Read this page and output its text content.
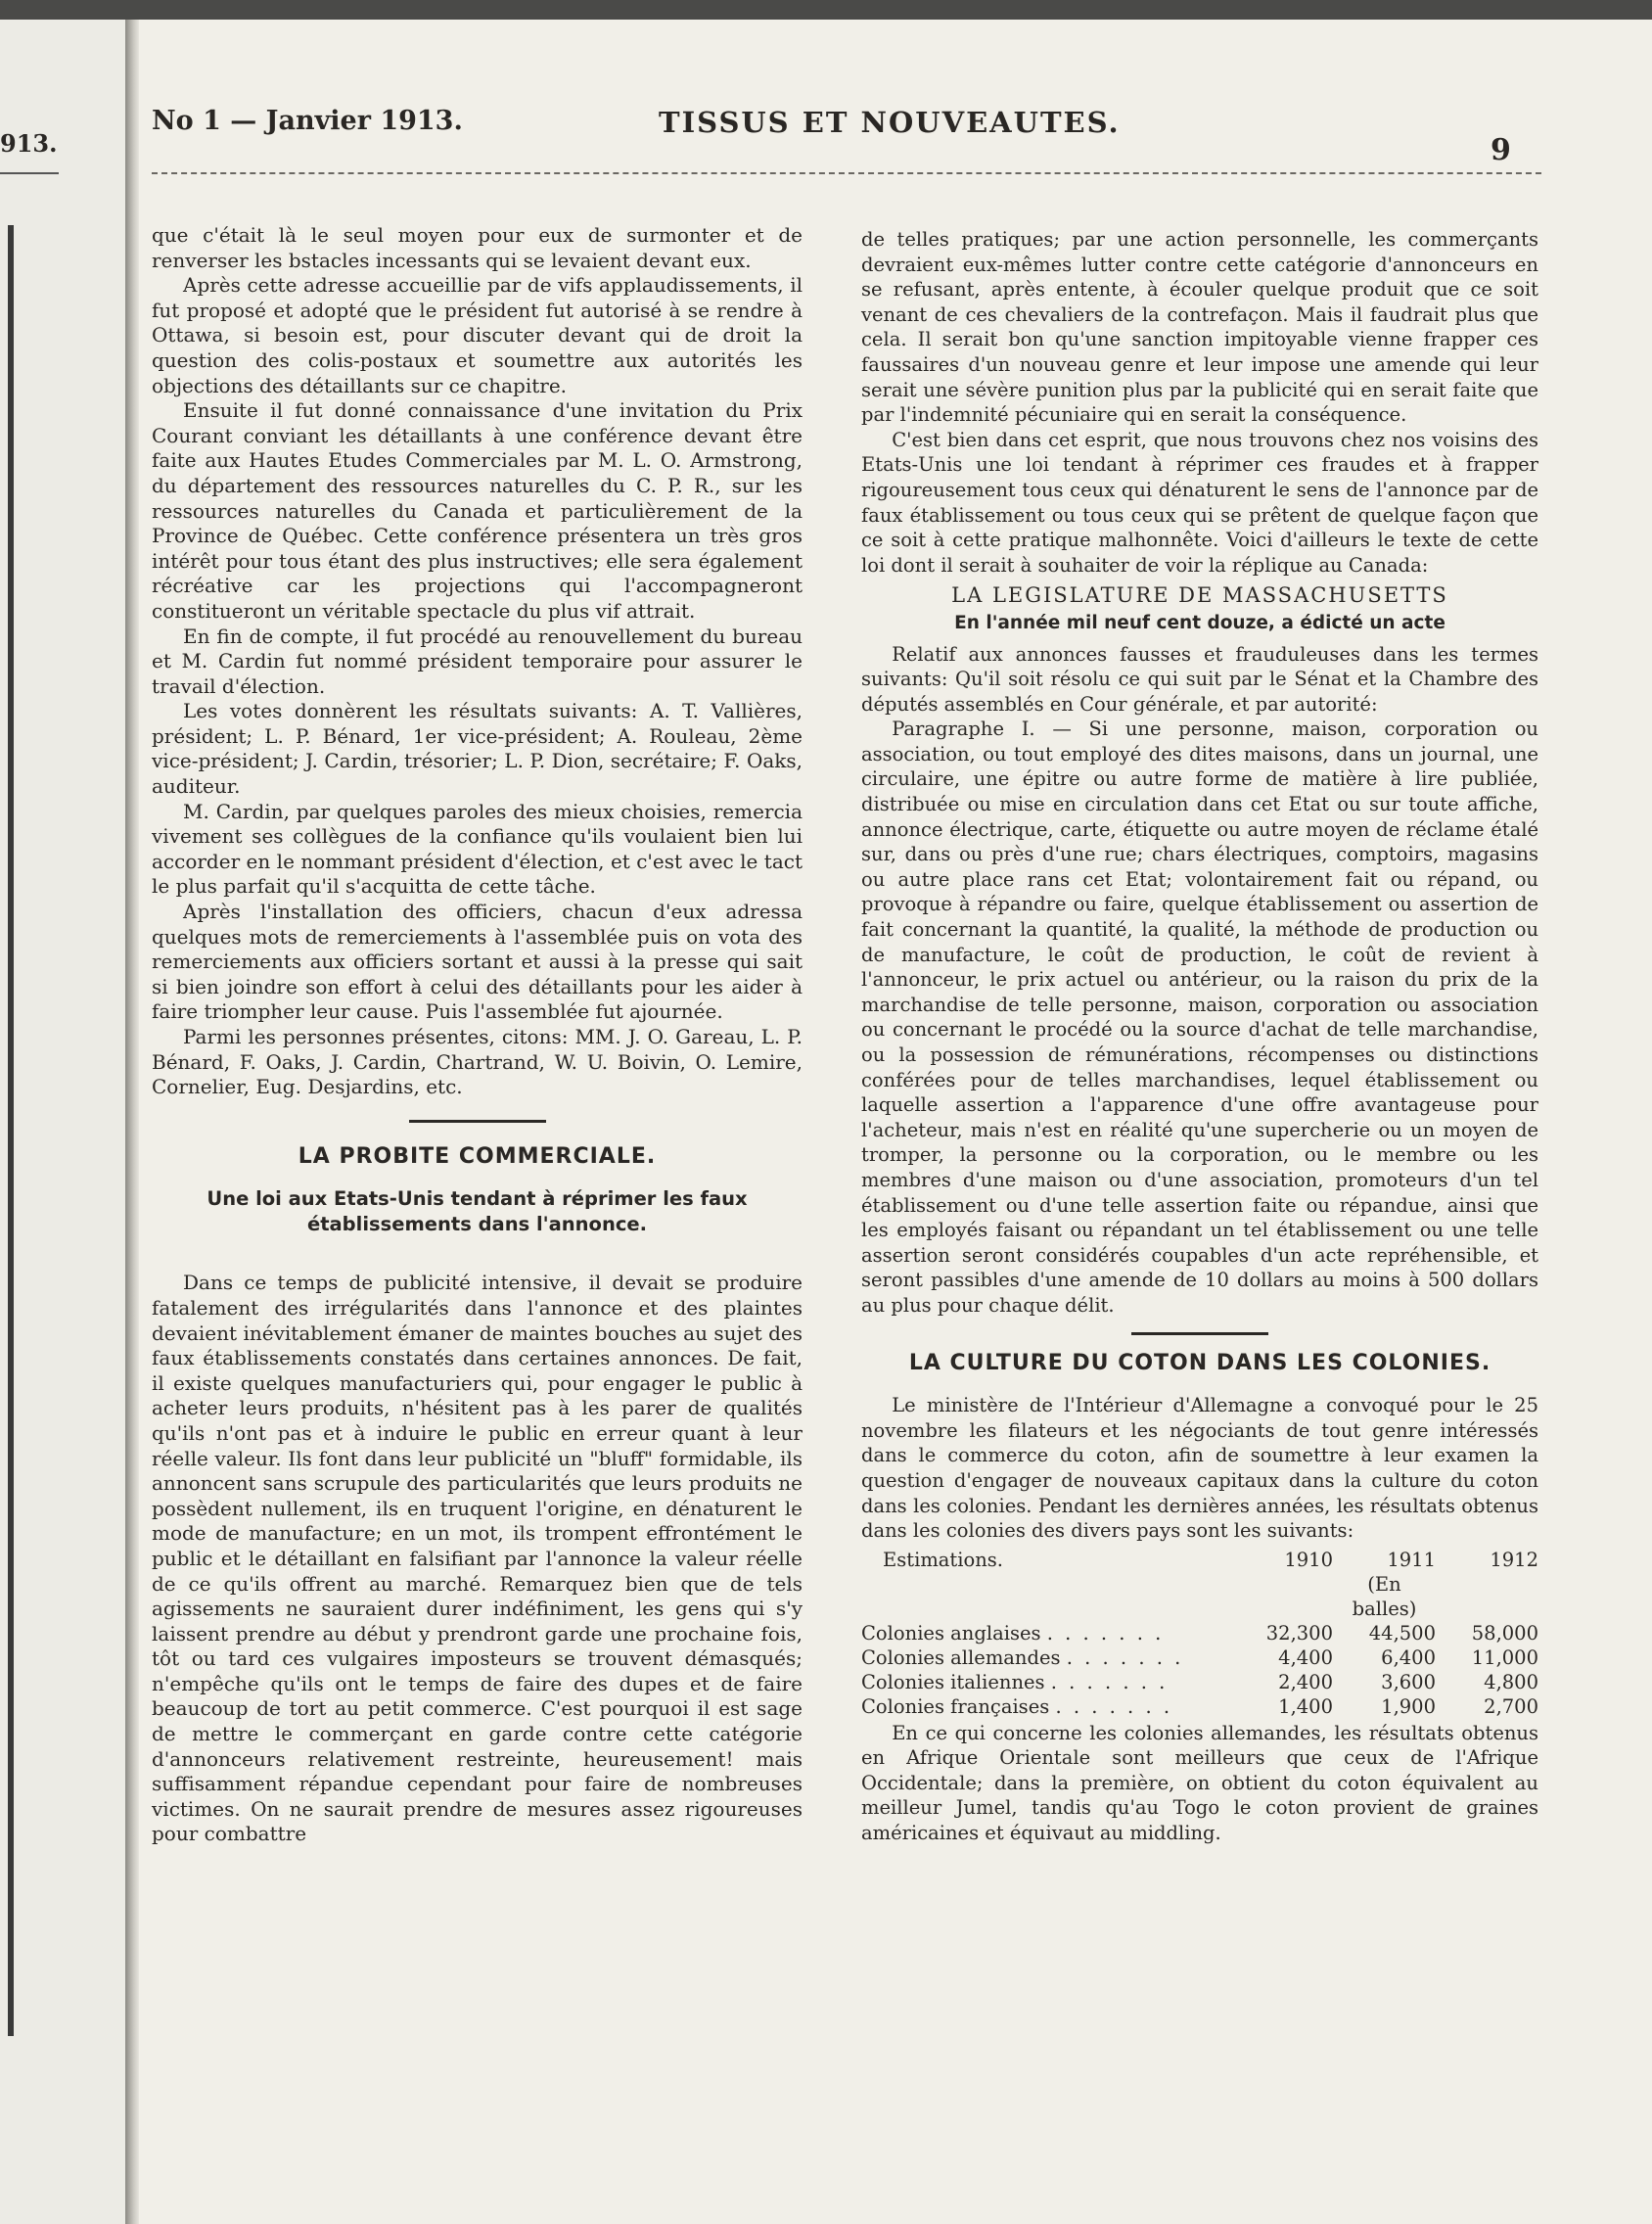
913.
No 1 — Janvier 1913.	TISSUS ET NOUVEAUTES.
9

que c'était là le seul moyen pour eux de surmonter et de renverser les bstacles incessants qui se levaient devant eux.

Après cette adresse accueillie par de vifs applaudissements, il fut proposé et adopté que le président fut autorisé à se rendre à Ottawa, si besoin est, pour discuter devant qui de droit la question des colis-postaux et soumettre aux autorités les objections des détaillants sur ce chapitre.

Ensuite il fut donné connaissance d'une invitation du Prix Courant conviant les détaillants à une conférence devant être faite aux Hautes Etudes Commerciales par M. L. O. Armstrong, du département des ressources naturelles du C. P. R., sur les ressources naturelles du Canada et particulièrement de la Province de Québec. Cette conférence présentera un très gros intérêt pour tous étant des plus instructives; elle sera également récréative car les projections qui l'accompagneront constitueront un véritable spectacle du plus vif attrait.

En fin de compte, il fut procédé au renouvellement du bureau et M. Cardin fut nommé président temporaire pour assurer le travail d'élection.

Les votes donnèrent les résultats suivants: A. T. Vallières, président; L. P. Bénard, 1er vice-président; A. Rouleau, 2ème vice-président; J. Cardin, trésorier; L. P. Dion, secrétaire; F. Oaks, auditeur.

M. Cardin, par quelques paroles des mieux choisies, remercia vivement ses collègues de la confiance qu'ils voulaient bien lui accorder en le nommant président d'élection, et c'est avec le tact le plus parfait qu'il s'acquitta de cette tâche.

Après l'installation des officiers, chacun d'eux adressa quelques mots de remerciements à l'assemblée puis on vota des remerciements aux officiers sortant et aussi à la presse qui sait si bien joindre son effort à celui des détaillants pour les aider à faire triompher leur cause. Puis l'assemblée fut ajournée.

Parmi les personnes présentes, citons: MM. J. O. Gareau, L. P. Bénard, F. Oaks, J. Cardin, Chartrand, W. U. Boivin, O. Lemire, Cornelier, Eug. Desjardins, etc.

LA PROBITE COMMERCIALE.
Une loi aux Etats-Unis tendant à réprimer les faux établissements dans l'annonce.

Dans ce temps de publicité intensive, il devait se produire fatalement des irrégularités dans l'annonce et des plaintes devaient inévitablement émaner de maintes bouches au sujet des faux établissements constatés dans certaines annonces. De fait, il existe quelques manufacturiers qui, pour engager le public à acheter leurs produits, n'hésitent pas à les parer de qualités qu'ils n'ont pas et à induire le public en erreur quant à leur réelle valeur. Ils font dans leur publicité un "bluff" formidable, ils annoncent sans scrupule des particularités que leurs produits ne possèdent nullement, ils en truquent l'origine, en dénaturent le mode de manufacture; en un mot, ils trompent effrontément le public et le détaillant en falsifiant par l'annonce la valeur réelle de ce qu'ils offrent au marché. Remarquez bien que de tels agissements ne sauraient durer indéfiniment, les gens qui s'y laissent prendre au début y prendront garde une prochaine fois, tôt ou tard ces vulgaires imposteurs se trouvent démasqués; n'empêche qu'ils ont le temps de faire des dupes et de faire beaucoup de tort au petit commerce. C'est pourquoi il est sage de mettre le commerçant en garde contre cette catégorie d'annonceurs relativement restreinte, heureusement! mais suffisamment répandue cependant pour faire de nombreuses victimes. On ne saurait prendre de mesures assez rigoureuses pour combattre

de telles pratiques; par une action personnelle, les commerçants devraient eux-mêmes lutter contre cette catégorie d'annonceurs en se refusant, après entente, à écouler quelque produit que ce soit venant de ces chevaliers de la contrefaçon. Mais il faudrait plus que cela. Il serait bon qu'une sanction impitoyable vienne frapper ces faussaires d'un nouveau genre et leur impose une amende qui leur serait une sévère punition plus par la publicité qui en serait faite que par l'indemnité pécuniaire qui en serait la conséquence.

C'est bien dans cet esprit, que nous trouvons chez nos voisins des Etats-Unis une loi tendant à réprimer ces fraudes et à frapper rigoureusement tous ceux qui dénaturent le sens de l'annonce par de faux établissement ou tous ceux qui se prêtent de quelque façon que ce soit à cette pratique malhonnête. Voici d'ailleurs le texte de cette loi dont il serait à souhaiter de voir la réplique au Canada:

LA LEGISLATURE DE MASSACHUSETTS
En l'année mil neuf cent douze, a édicté un acte

Relatif aux annonces fausses et frauduleuses dans les termes suivants: Qu'il soit résolu ce qui suit par le Sénat et la Chambre des députés assemblés en Cour générale, et par autorité:

Paragraphe I. — Si une personne, maison, corporation ou association, ou tout employé des dites maisons, dans un journal, une circulaire, une épitre ou autre forme de matière à lire publiée, distribuée ou mise en circulation dans cet Etat ou sur toute affiche, annonce électrique, carte, étiquette ou autre moyen de réclame étalé sur, dans ou près d'une rue; chars électriques, comptoirs, magasins ou autre place rans cet Etat; volontairement fait ou répand, ou provoque à répandre ou faire, quelque établissement ou assertion de fait concernant la quantité, la qualité, la méthode de production ou de manufacture, le coût de production, le coût de revient à l'annonceur, le prix actuel ou antérieur, ou la raison du prix de la marchandise de telle personne, maison, corporation ou association ou concernant le procédé ou la source d'achat de telle marchandise, ou la possession de rémunérations, récompenses ou distinctions conférées pour de telles marchandises, lequel établissement ou laquelle assertion a l'apparence d'une offre avantageuse pour l'acheteur, mais n'est en réalité qu'une supercherie ou un moyen de tromper, la personne ou la corporation, ou le membre ou les membres d'une maison ou d'une association, promoteurs d'un tel établissement ou d'une telle assertion faite ou répandue, ainsi que les employés faisant ou répandant un tel établissement ou une telle assertion seront considérés coupables d'un acte repréhensible, et seront passibles d'une amende de 10 dollars au moins à 500 dollars au plus pour chaque délit.

LA CULTURE DU COTON DANS LES COLONIES.

Le ministère de l'Intérieur d'Allemagne a convoqué pour le 25 novembre les filateurs et les négociants de tout genre intéressés dans le commerce du coton, afin de soumettre à leur examen la question d'engager de nouveaux capitaux dans la culture du coton dans les colonies. Pendant les dernières années, les résultats obtenus dans les colonies des divers pays sont les suivants:

Estimations.	1910	1911	1912
		(En balles)	
Colonies anglaises . . . . . . .	32,300	44,500	58,000
Colonies allemandes . . . . . . .	4,400	6,400	11,000
Colonies italiennes . . . . . . .	2,400	3,600	4,800
Colonies françaises . . . . . . .	1,400	1,900	2,700

En ce qui concerne les colonies allemandes, les résultats obtenus en Afrique Orientale sont meilleurs que ceux de l'Afrique Occidentale; dans la première, on obtient du coton équivalent au meilleur Jumel, tandis qu'au Togo le coton provient de graines américaines et équivaut au middling.
